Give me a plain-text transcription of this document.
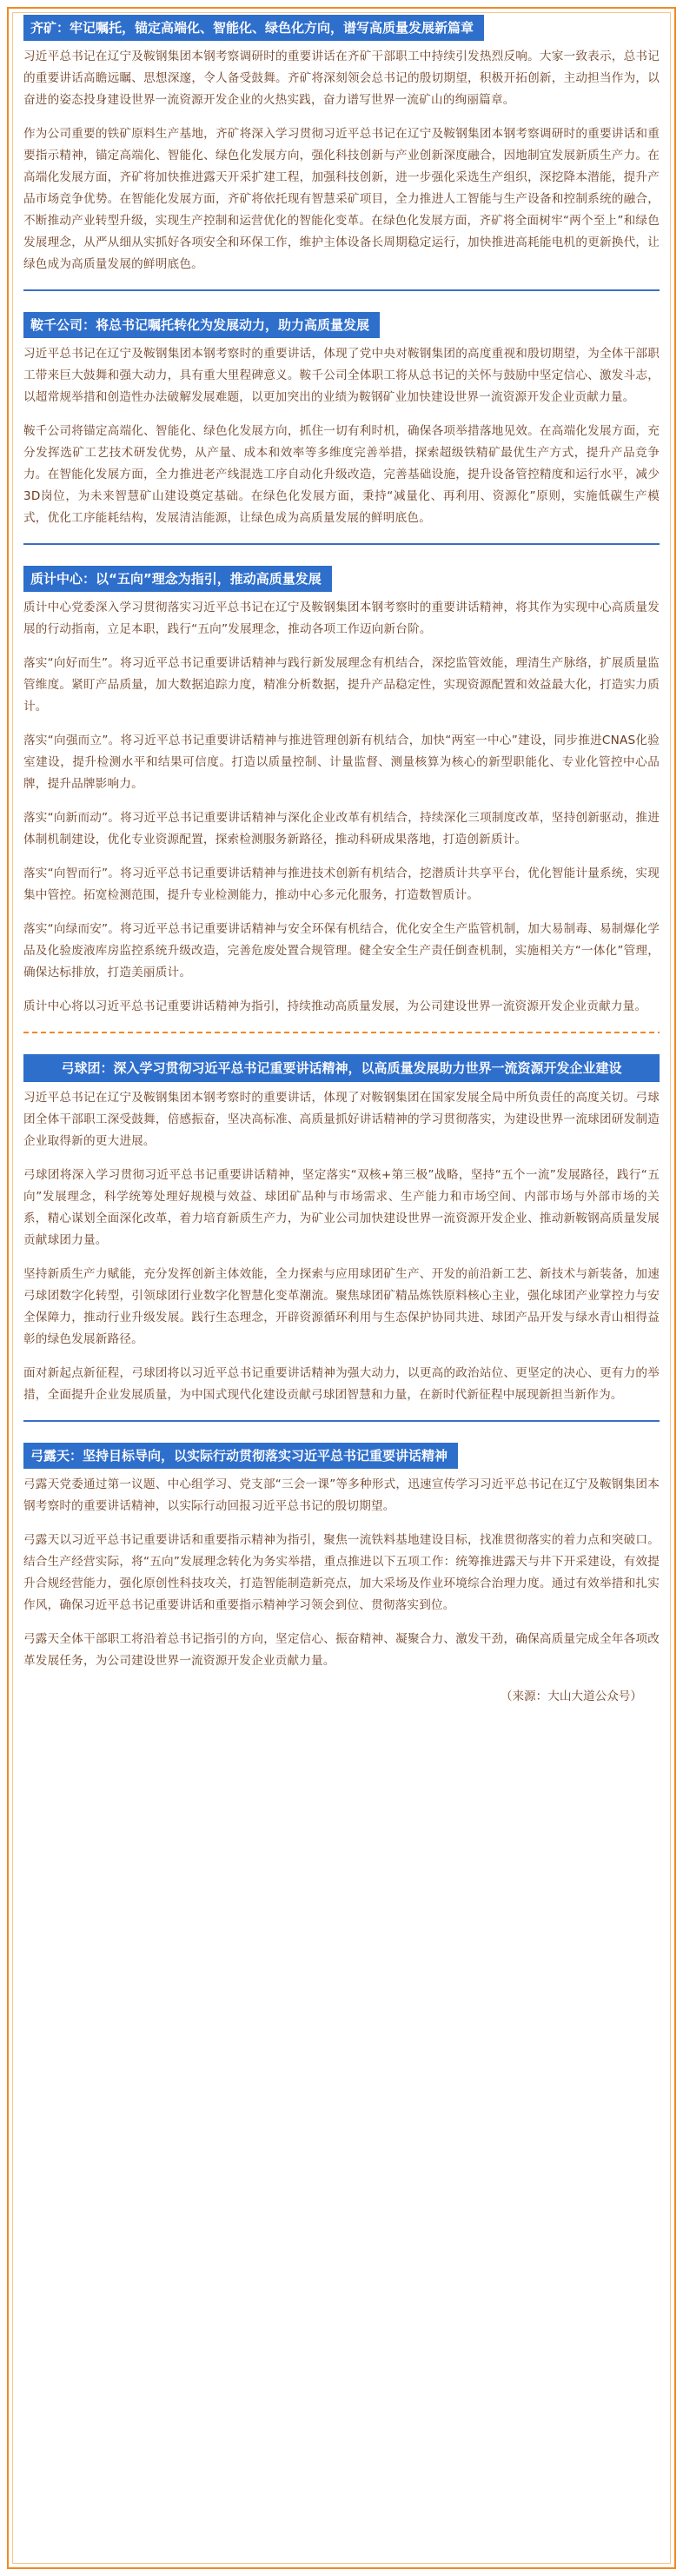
齐矿：牢记嘱托，锚定高端化、智能化、绿色化方向，谱写高质量发展新篇章

习近平总书记在辽宁及鞍钢集团本钢考察调研时的重要讲话在齐矿干部职工中持续引发热烈反响。大家一致表示，总书记的重要讲话高瞻远瞩、思想深邃，令人备受鼓舞。齐矿将深刻领会总书记的殷切期望，积极开拓创新，主动担当作为，以奋进的姿态投身建设世界一流资源开发企业的火热实践，奋力谱写世界一流矿山的绚丽篇章。

作为公司重要的铁矿原料生产基地，齐矿将深入学习贯彻习近平总书记在辽宁及鞍钢集团本钢考察调研时的重要讲话和重要指示精神，锚定高端化、智能化、绿色化发展方向，强化科技创新与产业创新深度融合，因地制宜发展新质生产力。在高端化发展方面，齐矿将加快推进露天开采扩建工程，加强科技创新，进一步强化采选生产组织，深挖降本潜能，提升产品市场竞争优势。在智能化发展方面，齐矿将依托现有智慧采矿项目，全力推进人工智能与生产设备和控制系统的融合，不断推动产业转型升级，实现生产控制和运营优化的智能化变革。在绿色化发展方面，齐矿将全面树牢“两个至上”和绿色发展理念，从严从细从实抓好各项安全和环保工作，维护主体设备长周期稳定运行，加快推进高耗能电机的更新换代，让绿色成为高质量发展的鲜明底色。

鞍千公司：将总书记嘱托转化为发展动力，助力高质量发展

习近平总书记在辽宁及鞍钢集团本钢考察时的重要讲话，体现了党中央对鞍钢集团的高度重视和殷切期望，为全体干部职工带来巨大鼓舞和强大动力，具有重大里程碑意义。鞍千公司全体职工将从总书记的关怀与鼓励中坚定信心、激发斗志，以超常规举措和创造性办法破解发展难题，以更加突出的业绩为鞍钢矿业加快建设世界一流资源开发企业贡献力量。

鞍千公司将锚定高端化、智能化、绿色化发展方向，抓住一切有利时机，确保各项举措落地见效。在高端化发展方面，充分发挥选矿工艺技术研发优势，从产量、成本和效率等多维度完善举措，探索超级铁精矿最优生产方式，提升产品竞争力。在智能化发展方面，全力推进老产线混选工序自动化升级改造，完善基础设施，提升设备管控精度和运行水平，减少3D岗位，为未来智慧矿山建设奠定基础。在绿色化发展方面，秉持“减量化、再利用、资源化”原则，实施低碳生产模式，优化工序能耗结构，发展清洁能源，让绿色成为高质量发展的鲜明底色。

质计中心：以“五向”理念为指引，推动高质量发展

质计中心党委深入学习贯彻落实习近平总书记在辽宁及鞍钢集团本钢考察时的重要讲话精神，将其作为实现中心高质量发展的行动指南，立足本职，践行“五向”发展理念，推动各项工作迈向新台阶。

落实“向好而生”。将习近平总书记重要讲话精神与践行新发展理念有机结合，深挖监管效能，理清生产脉络，扩展质量监管维度。紧盯产品质量，加大数据追踪力度，精准分析数据，提升产品稳定性，实现资源配置和效益最大化，打造实力质计。

落实“向强而立”。将习近平总书记重要讲话精神与推进管理创新有机结合，加快“两室一中心”建设，同步推进CNAS化验室建设，提升检测水平和结果可信度。打造以质量控制、计量监督、测量核算为核心的新型职能化、专业化管控中心品牌，提升品牌影响力。

落实“向新而动”。将习近平总书记重要讲话精神与深化企业改革有机结合，持续深化三项制度改革，坚持创新驱动，推进体制机制建设，优化专业资源配置，探索检测服务新路径，推动科研成果落地，打造创新质计。

落实“向智而行”。将习近平总书记重要讲话精神与推进技术创新有机结合，挖潜质计共享平台，优化智能计量系统，实现集中管控。拓宽检测范围，提升专业检测能力，推动中心多元化服务，打造数智质计。

落实“向绿而安”。将习近平总书记重要讲话精神与安全环保有机结合，优化安全生产监管机制，加大易制毒、易制爆化学品及化验废液库房监控系统升级改造，完善危废处置合规管理。健全安全生产责任倒查机制，实施相关方“一体化”管理，确保达标排放，打造美丽质计。

质计中心将以习近平总书记重要讲话精神为指引，持续推动高质量发展，为公司建设世界一流资源开发企业贡献力量。

弓球团：深入学习贯彻习近平总书记重要讲话精神，以高质量发展助力世界一流资源开发企业建设

习近平总书记在辽宁及鞍钢集团本钢考察时的重要讲话，体现了对鞍钢集团在国家发展全局中所负责任的高度关切。弓球团全体干部职工深受鼓舞，倍感振奋，坚决高标准、高质量抓好讲话精神的学习贯彻落实，为建设世界一流球团研发制造企业取得新的更大进展。

弓球团将深入学习贯彻习近平总书记重要讲话精神，坚定落实“双核+第三极”战略，坚持“五个一流”发展路径，践行“五向”发展理念，科学统筹处理好规模与效益、球团矿品种与市场需求、生产能力和市场空间、内部市场与外部市场的关系，精心谋划全面深化改革，着力培育新质生产力，为矿业公司加快建设世界一流资源开发企业、推动新鞍钢高质量发展贡献球团力量。

坚持新质生产力赋能，充分发挥创新主体效能，全力探索与应用球团矿生产、开发的前沿新工艺、新技术与新装备，加速弓球团数字化转型，引领球团行业数字化智慧化变革潮流。聚焦球团矿精品炼铁原料核心主业，强化球团产业掌控力与安全保障力，推动行业升级发展。践行生态理念，开辟资源循环利用与生态保护协同共进、球团产品开发与绿水青山相得益彰的绿色发展新路径。

面对新起点新征程，弓球团将以习近平总书记重要讲话精神为强大动力，以更高的政治站位、更坚定的决心、更有力的举措，全面提升企业发展质量，为中国式现代化建设贡献弓球团智慧和力量，在新时代新征程中展现新担当新作为。

弓露天：坚持目标导向，以实际行动贯彻落实习近平总书记重要讲话精神

弓露天党委通过第一议题、中心组学习、党支部“三会一课”等多种形式，迅速宣传学习习近平总书记在辽宁及鞍钢集团本钢考察时的重要讲话精神，以实际行动回报习近平总书记的殷切期望。

弓露天以习近平总书记重要讲话和重要指示精神为指引，聚焦一流铁料基地建设目标，找准贯彻落实的着力点和突破口。结合生产经营实际，将“五向”发展理念转化为务实举措，重点推进以下五项工作：统筹推进露天与井下开采建设，有效提升合规经营能力，强化原创性科技攻关，打造智能制造新亮点，加大采场及作业环境综合治理力度。通过有效举措和扎实作风，确保习近平总书记重要讲话和重要指示精神学习领会到位、贯彻落实到位。

弓露天全体干部职工将沿着总书记指引的方向，坚定信心、振奋精神、凝聚合力、激发干劲，确保高质量完成全年各项改革发展任务，为公司建设世界一流资源开发企业贡献力量。

（来源：大山大道公众号）
